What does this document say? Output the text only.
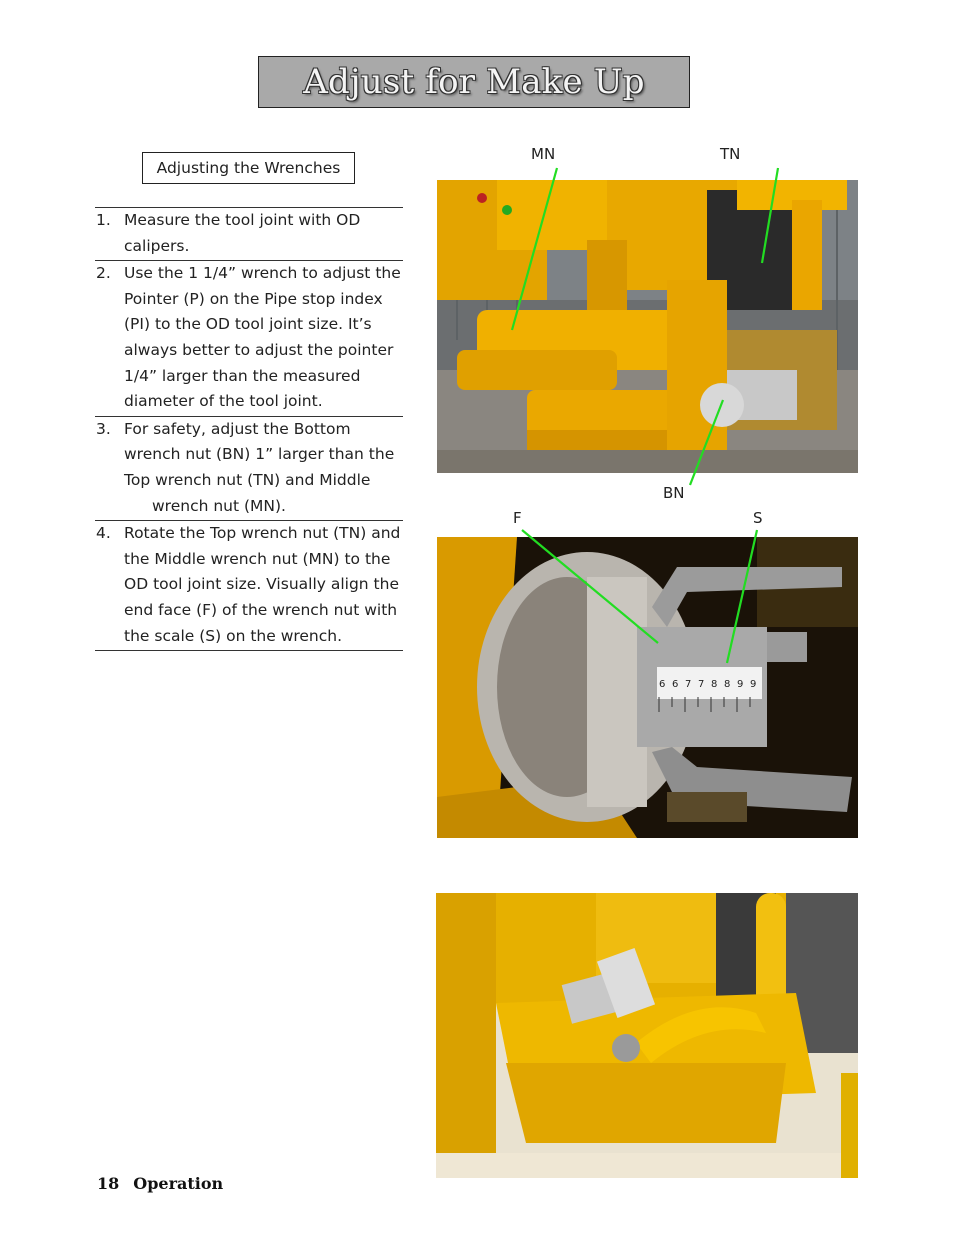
Adjust for Make Up
Adjusting the Wrenches
1. Measure the tool joint with OD calipers.
2. Use the 1 1/4” wrench to adjust the Pointer (P) on the Pipe stop index (PI) to the OD tool joint size. It’s always better to adjust the pointer 1/4” larger than the measured diameter of the tool joint.
3. For safety, adjust the Bottom wrench nut (BN) 1” larger than the Top wrench nut (TN) and Middle
wrench nut (MN).
4. Rotate the Top wrench nut (TN) and the Middle wrench nut (MN) to the OD tool joint size. Visually align the end face (F) of the wrench nut with the scale (S) on the wrench.
6 6 7 7 8 8 9 9
MN	TN
BN
F	S
18 Operation
